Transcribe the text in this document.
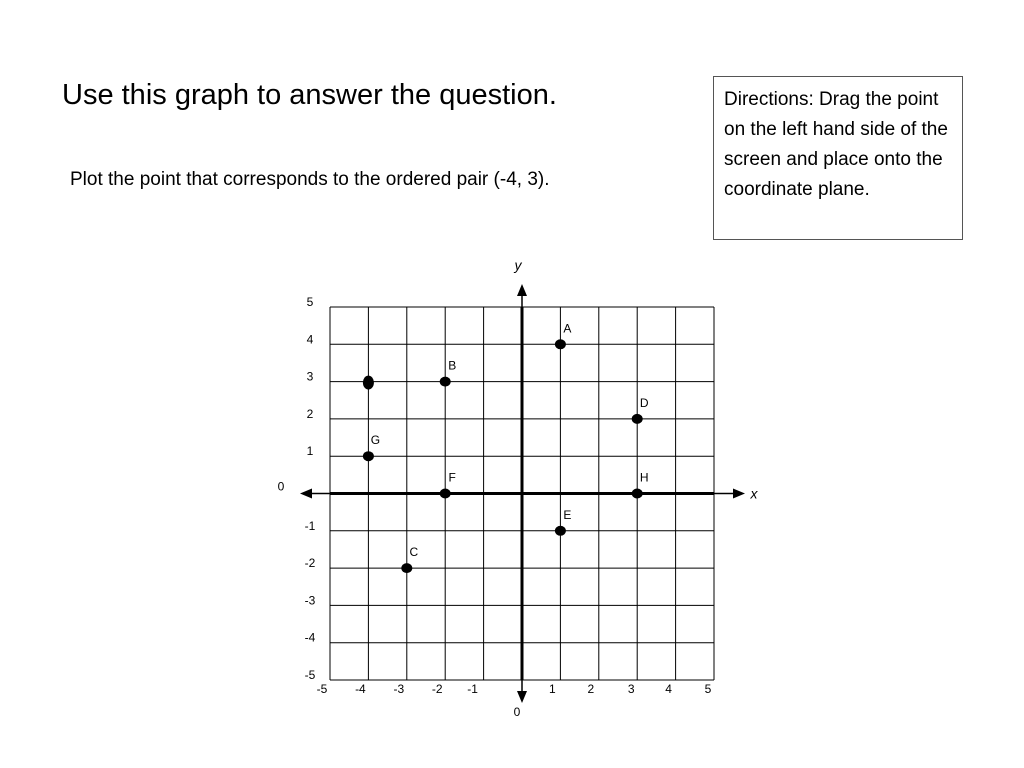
Use this graph to answer the question.
Plot the point that corresponds to the ordered pair (-4, 3).
Directions: Drag the point on the left hand side of the screen and place onto the coordinate plane.
x
y
-5 -4 -3 -2 -1	1	2	3	4	5
5
4
3
2
1
-1
-2
-3
-4
-5
0
0
A
B
C
D
E
F
G
H
